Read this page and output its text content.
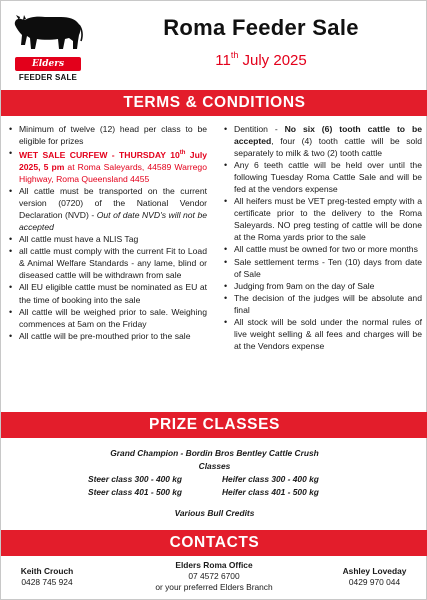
Elders
FEEDER SALE
Roma Feeder Sale
11th July 2025
TERMS & CONDITIONS
• Minimum of twelve (12) head per class to be eligible for prizes
• WET SALE CURFEW - THURSDAY 10th July 2025, 5 pm at Roma Saleyards, 44589 Warrego Highway, Roma Queensland 4455
• All cattle must be transported on the current version (0720) of the National Vendor Declaration (NVD) - Out of date NVD's will not be accepted
• All cattle must have a NLIS Tag
• all cattle must comply with the current Fit to Load & Animal Welfare Standards - any lame, blind or diseased cattle will be withdrawn from sale
• All EU eligible cattle must be nominated as EU at the time of booking into the sale
• All cattle will be weighed prior to sale. Weighing commences at 5am on the Friday
• All cattle will be pre-mouthed prior to the sale
• Dentition - No six (6) tooth cattle to be accepted, four (4) tooth cattle will be sold separately to milk & two (2) tooth cattle
• Any 6 teeth cattle will be held over until the following Tuesday Roma Cattle Sale and will be fed at the vendors expense
• All heifers must be VET preg-tested empty with a certificate prior to the delivery to the Roma Saleyards. NO preg testing of cattle will be done at the Roma yards prior to the sale
• All cattle must be owned for two or more months
• Sale settlement terms - Ten (10) days from date of Sale
• Judging from 9am on the day of Sale
• The decision of the judges will be absolute and final
• All stock will be sold under the normal rules of live weight selling & all fees and charges will be at the Vendors expense
PRIZE CLASSES
Grand Champion - Bordin Bros Bentley Cattle Crush
Classes
Steer class 300 - 400 kg	Heifer class 300 - 400 kg
Steer class 401 - 500 kg	Heifer class 401 - 500 kg
Various Bull Credits
CONTACTS
Keith Crouch
0428 745 924
Elders Roma Office
07 4572 6700
or your preferred Elders Branch
Ashley Loveday
0429 970 044
